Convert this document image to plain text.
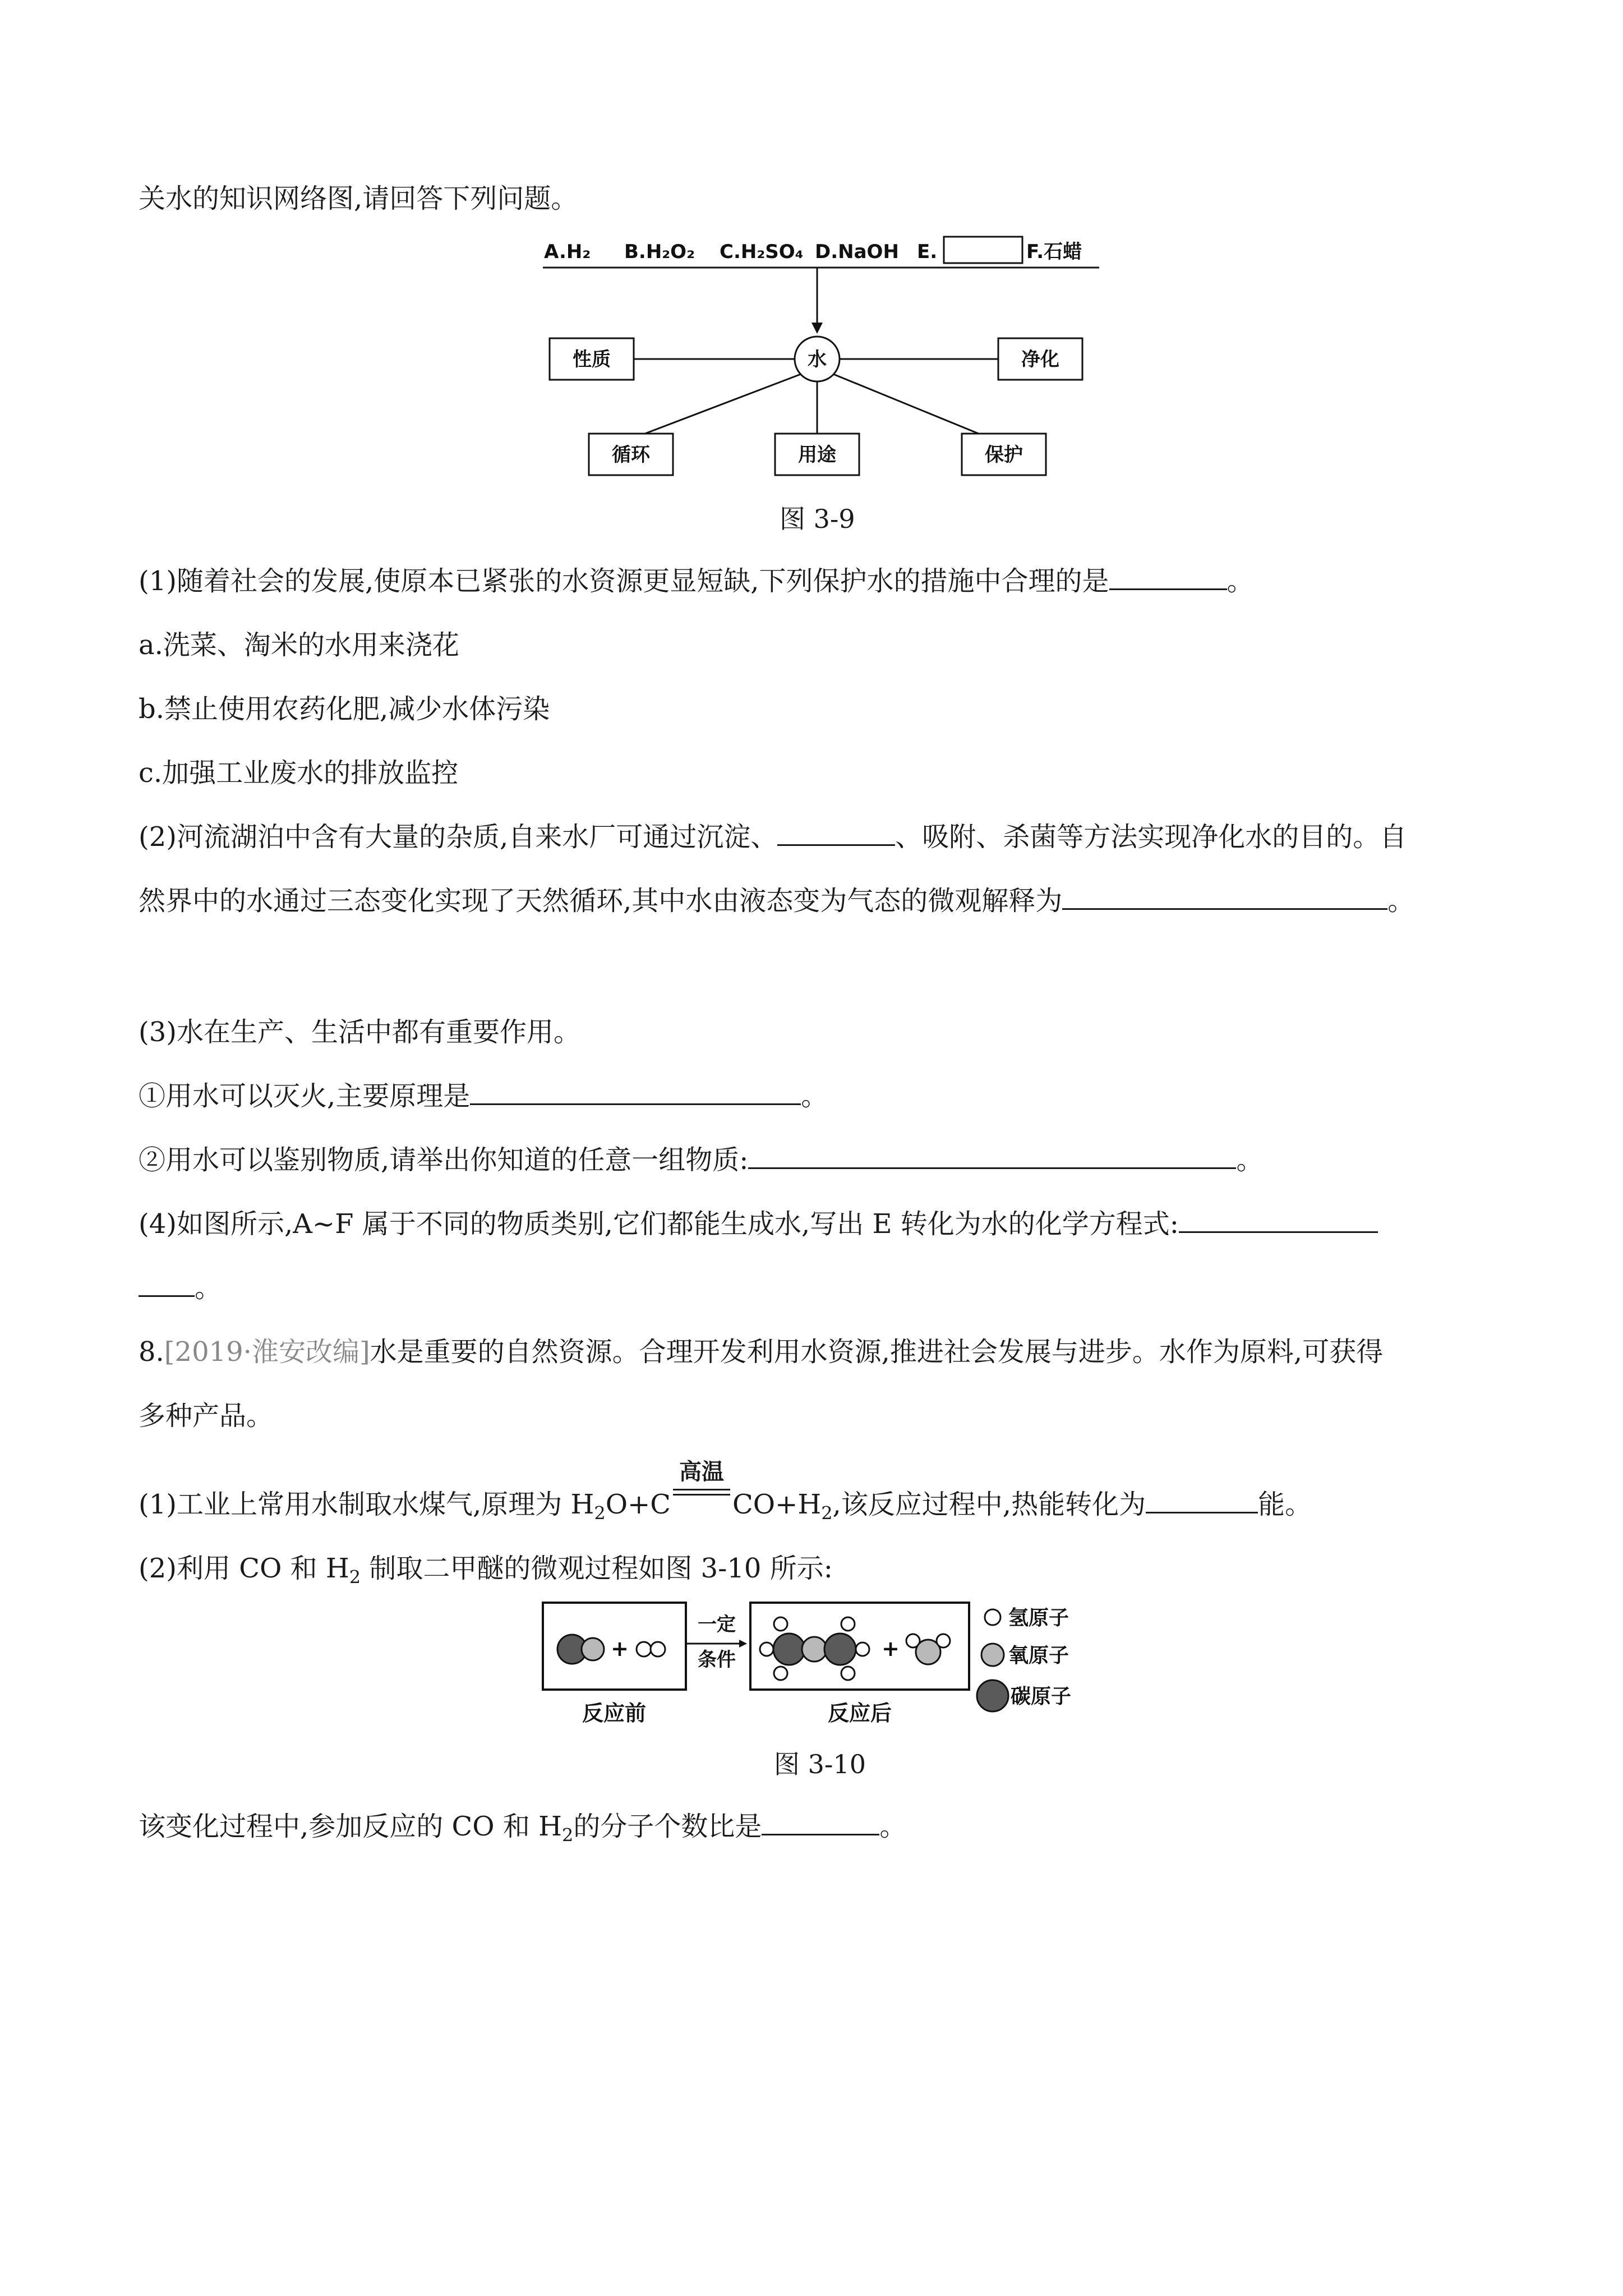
关水的知识网络图,请回答下列问题。
A.H₂ B.H₂O₂ C.H₂SO₄ D.NaOH E.	F.石蜡
水
性质	净化
循环	用途	保护
图 3-9
(1)随着社会的发展,使原本已紧张的水资源更显短缺,下列保护水的措施中合理的是	。
a.洗菜、淘米的水用来浇花
b.禁止使用农药化肥,减少水体污染
c.加强工业废水的排放监控
(2)河流湖泊中含有大量的杂质,自来水厂可通过沉淀、	、吸附、杀菌等方法实现净化水的目的。自
然界中的水通过三态变化实现了天然循环,其中水由液态变为气态的微观解释为	。
(3)水在生产、生活中都有重要作用。
①用水可以灭火,主要原理是	。
②用水可以鉴别物质,请举出你知道的任意一组物质:	。
(4)如图所示,A~F 属于不同的物质类别,它们都能生成水,写出 E 转化为水的化学方程式:
。
8.[2019·淮安改编]水是重要的自然资源。合理开发利用水资源,推进社会发展与进步。水作为原料,可获得
多种产品。
(1)工业上常用水制取水煤气,原理为 $H_2O+C$
高温
$CO+H_2$,该反应过程中,热能转化为	能。
(2)利用 CO 和 $H_2$ 制取二甲醚的微观过程如图 3-10 所示:
+
一定
条件	+
反应前	反应后
氢原子
氧原子
碳原子
图 3-10
该变化过程中,参加反应的 CO 和 $H_2$的分子个数比是	。
